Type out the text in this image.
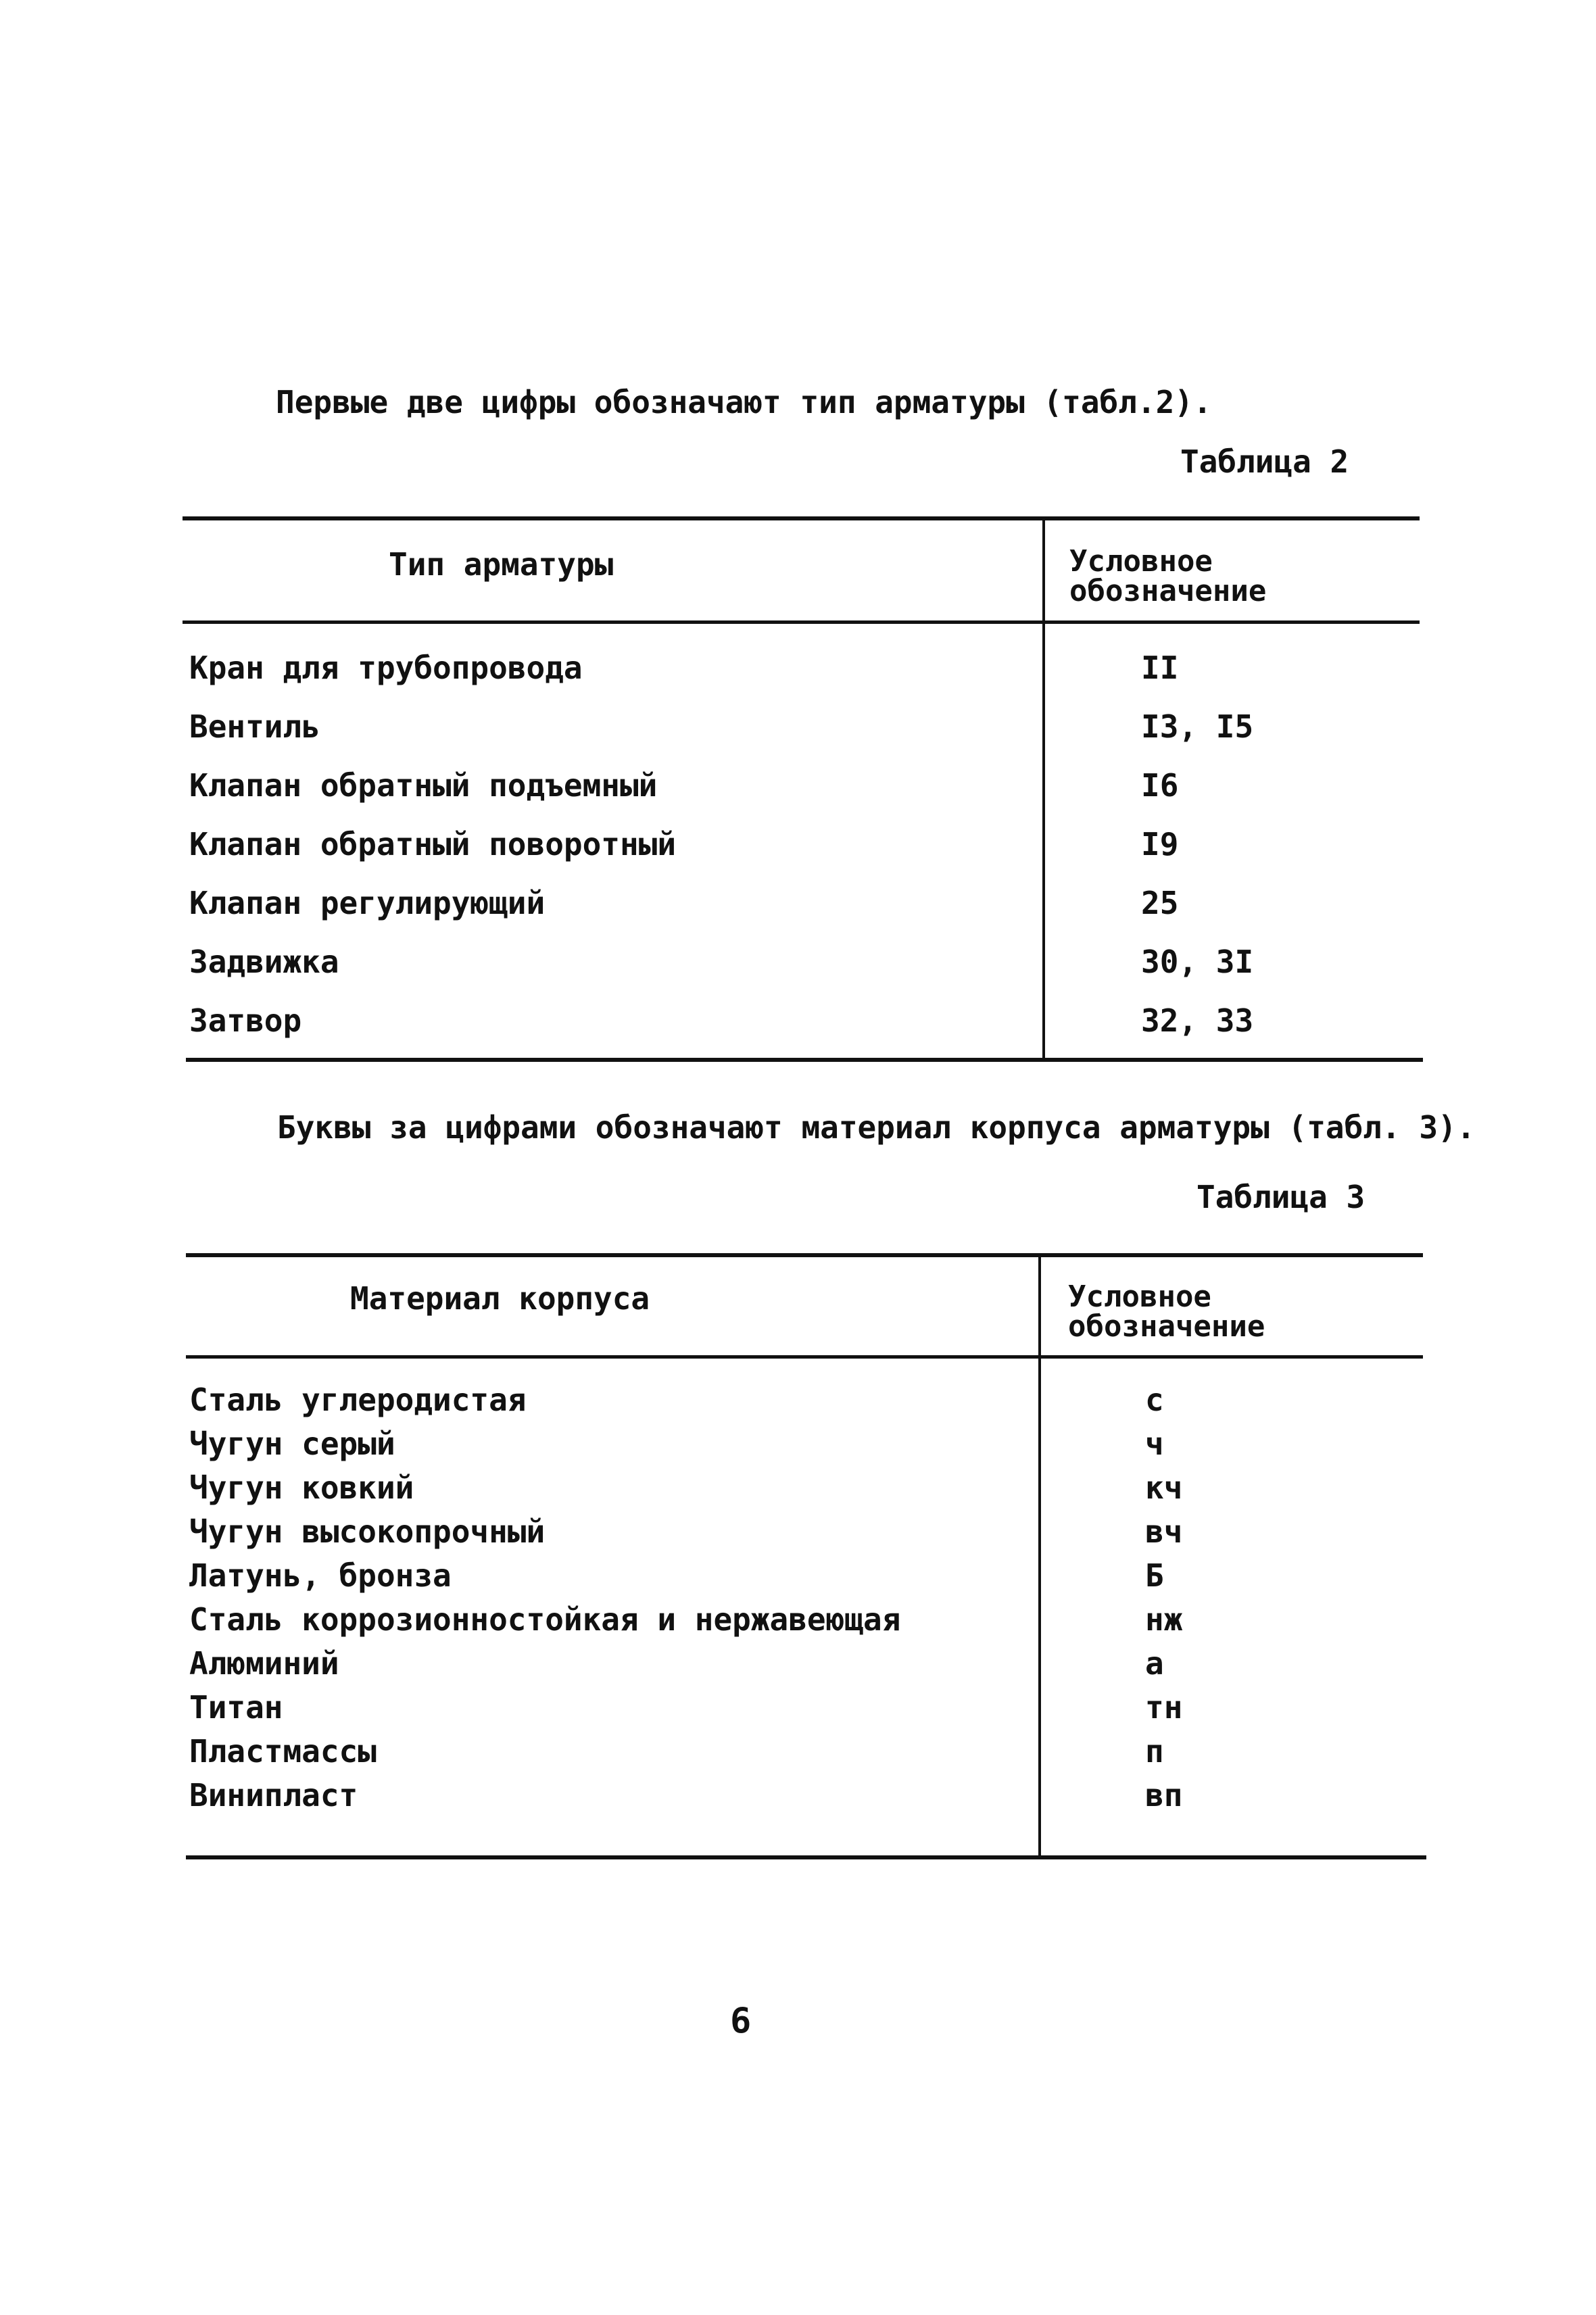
Первые две цифры обозначают тип арматуры (табл.2).
Таблица 2
Тип арматуры	Условное
обозначение
Кран для трубопровода	II
Вентиль	I3, I5
Клапан обратный подъемный	I6
Клапан обратный поворотный	I9
Клапан регулирующий	25
Задвижка	30, 3I
Затвор	32, 33
Буквы за цифрами обозначают материал корпуса арматуры (табл. 3).
Таблица 3
Материал корпуса	Условное
обозначение
Сталь углеродистая	с
Чугун серый	ч
Чугун ковкий	кч
Чугун высокопрочный	вч
Латунь, бронза	Б
Сталь коррозионностойкая и нержавеющая	нж
Алюминий	а
Титан	тн
Пластмассы	п
Винипласт	вп
6
